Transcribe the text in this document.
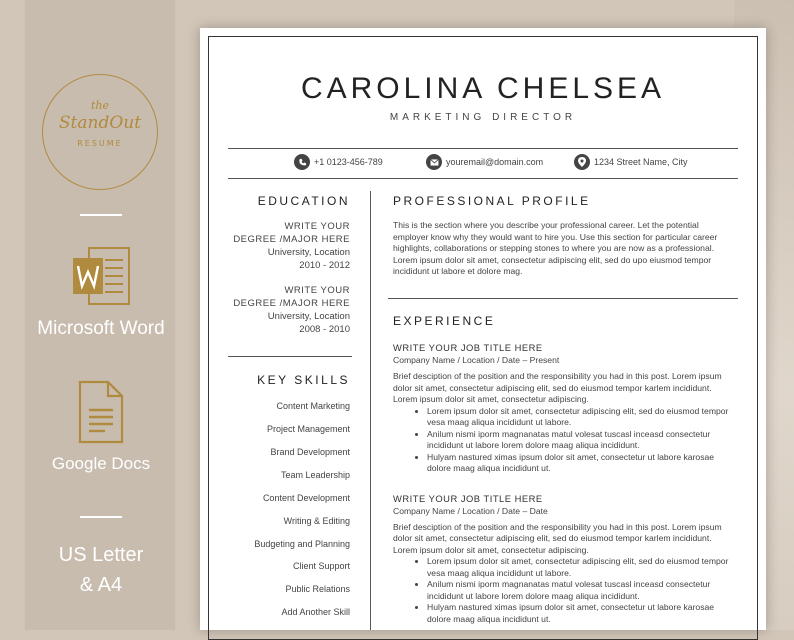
the
StandOut
RESUME
Microsoft Word
Google Docs
US Letter
& A4
CAROLINA CHELSEA
MARKETING DIRECTOR
+1 0123-456-789	youremail@domain.com	1234 Street Name, City
EDUCATION
WRITE YOUR
DEGREE /MAJOR HERE
University, Location
2010 - 2012
WRITE YOUR
DEGREE /MAJOR HERE
University, Location
2008 - 2010
KEY SKILLS
Content Marketing
Project Management
Brand Development
Team Leadership
Content Development
Writing & Editing
Budgeting and Planning
Client Support
Public Relations
Add Another Skill
PROFESSIONAL PROFILE
This is the section where you describe your professional career. Let the potential employer know why they would want to hire you. Use this section for particular career highlights, collaborations or stepping stones to where you are now as a professional. Lorem ipsum dolor sit amet, consectetur adipiscing elit, sed do upo eiusmod tempor incididunt ut labore et dolore mag.
EXPERIENCE
WRITE YOUR JOB TITLE HERE
Company Name / Location / Date – Present
Brief desciption of the position and the responsibility you had in this post. Lorem ipsum dolor sit amet, consectetur adipiscing elit, sed do eiusmod tempor karlem incididunt. Lorem ipsum dolor sit amet, consectetur adipiscing.
• Lorem ipsum dolor sit amet, consectetur adipiscing elit, sed do eiusmod tempor vesa maag aliqua incididunt ut labore.
• Anilum nismi iporm magnanatas matul volesat tuscasl inceasd consectetur incididunt ut labore lorem dolore maag aliqua incididunt.
• Hulyam nastured ximas ipsum dolor sit amet, consectetur ut labore karosae dolore maag aliqua incididunt ut.
WRITE YOUR JOB TITLE HERE
Company Name / Location / Date – Date
Brief desciption of the position and the responsibility you had in this post. Lorem ipsum dolor sit amet, consectetur adipiscing elit, sed do eiusmod tempor karlem incididunt. Lorem ipsum dolor sit amet, consectetur adipiscing.
• Lorem ipsum dolor sit amet, consectetur adipiscing elit, sed do eiusmod tempor vesa maag aliqua incididunt ut labore.
• Anilum nismi iporm magnanatas matul volesat tuscasl inceasd consectetur incididunt ut labore lorem dolore maag aliqua incididunt.
• Hulyam nastured ximas ipsum dolor sit amet, consectetur ut labore karosae dolore maag aliqua incididunt ut.
